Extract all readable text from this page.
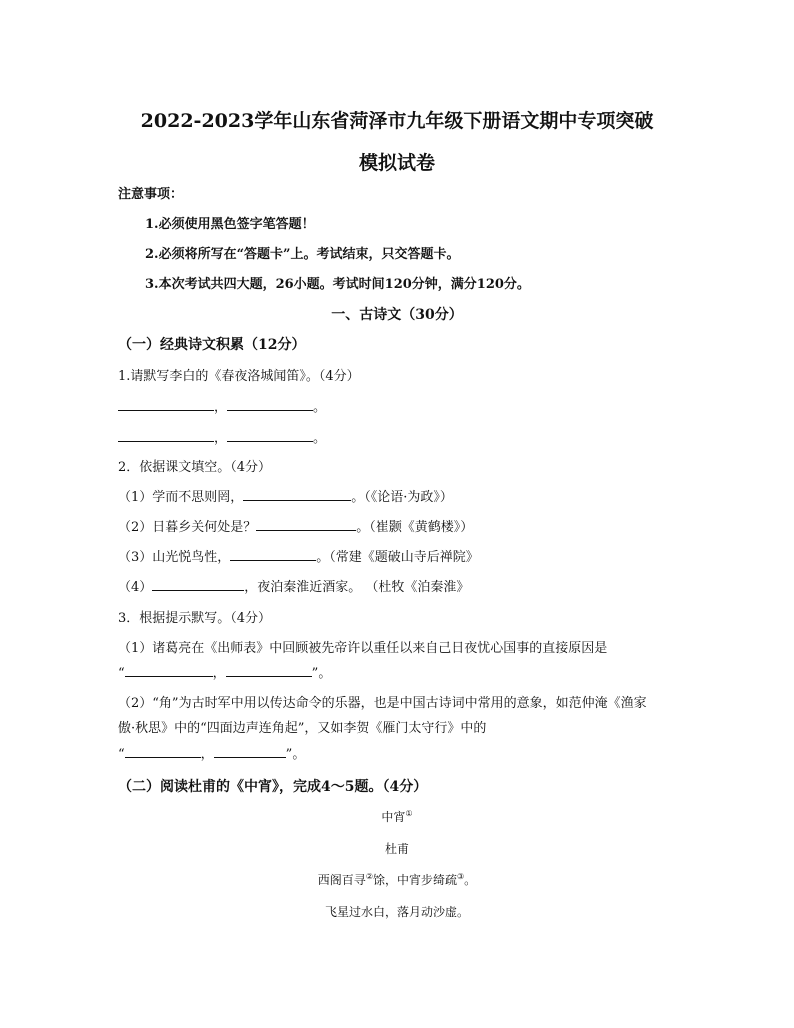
2022-2023学年山东省菏泽市九年级下册语文期中专项突破
模拟试卷
注意事项：
1.必须使用黑色签字笔答题！
2.必须将所写在“答题卡”上。考试结束，只交答题卡。
3.本次考试共四大题，26小题。考试时间120分钟，满分120分。
一、古诗文（30分）
（一）经典诗文积累（12分）
1.请默写李白的《春夜洛城闻笛》。（4分）
，	。
，	。
2．依据课文填空。（4分）
（1）学而不思则罔，	。（《论语·为政》）
（2）日暮乡关何处是？	。（崔颢《黄鹤楼》）
（3）山光悦鸟性，	。（常建《题破山寺后禅院》
（4）	，夜泊秦淮近酒家。 （杜牧《泊秦淮》
3．根据提示默写。（4分）
（1）诸葛亮在《出师表》中回顾被先帝许以重任以来自己日夜忧心国事的直接原因是
“	，	”。
（2）“角”为古时军中用以传达命令的乐器，也是中国古诗词中常用的意象，如范仲淹《渔家
傲·秋思》中的“四面边声连角起”，又如李贺《雁门太守行》中的
“	，	”。
（二）阅读杜甫的《中宵》，完成4～5题。（4分）
中宵①
杜甫
西阁百寻②馀，中宵步绮疏③。
飞星过水白，落月动沙虚。
